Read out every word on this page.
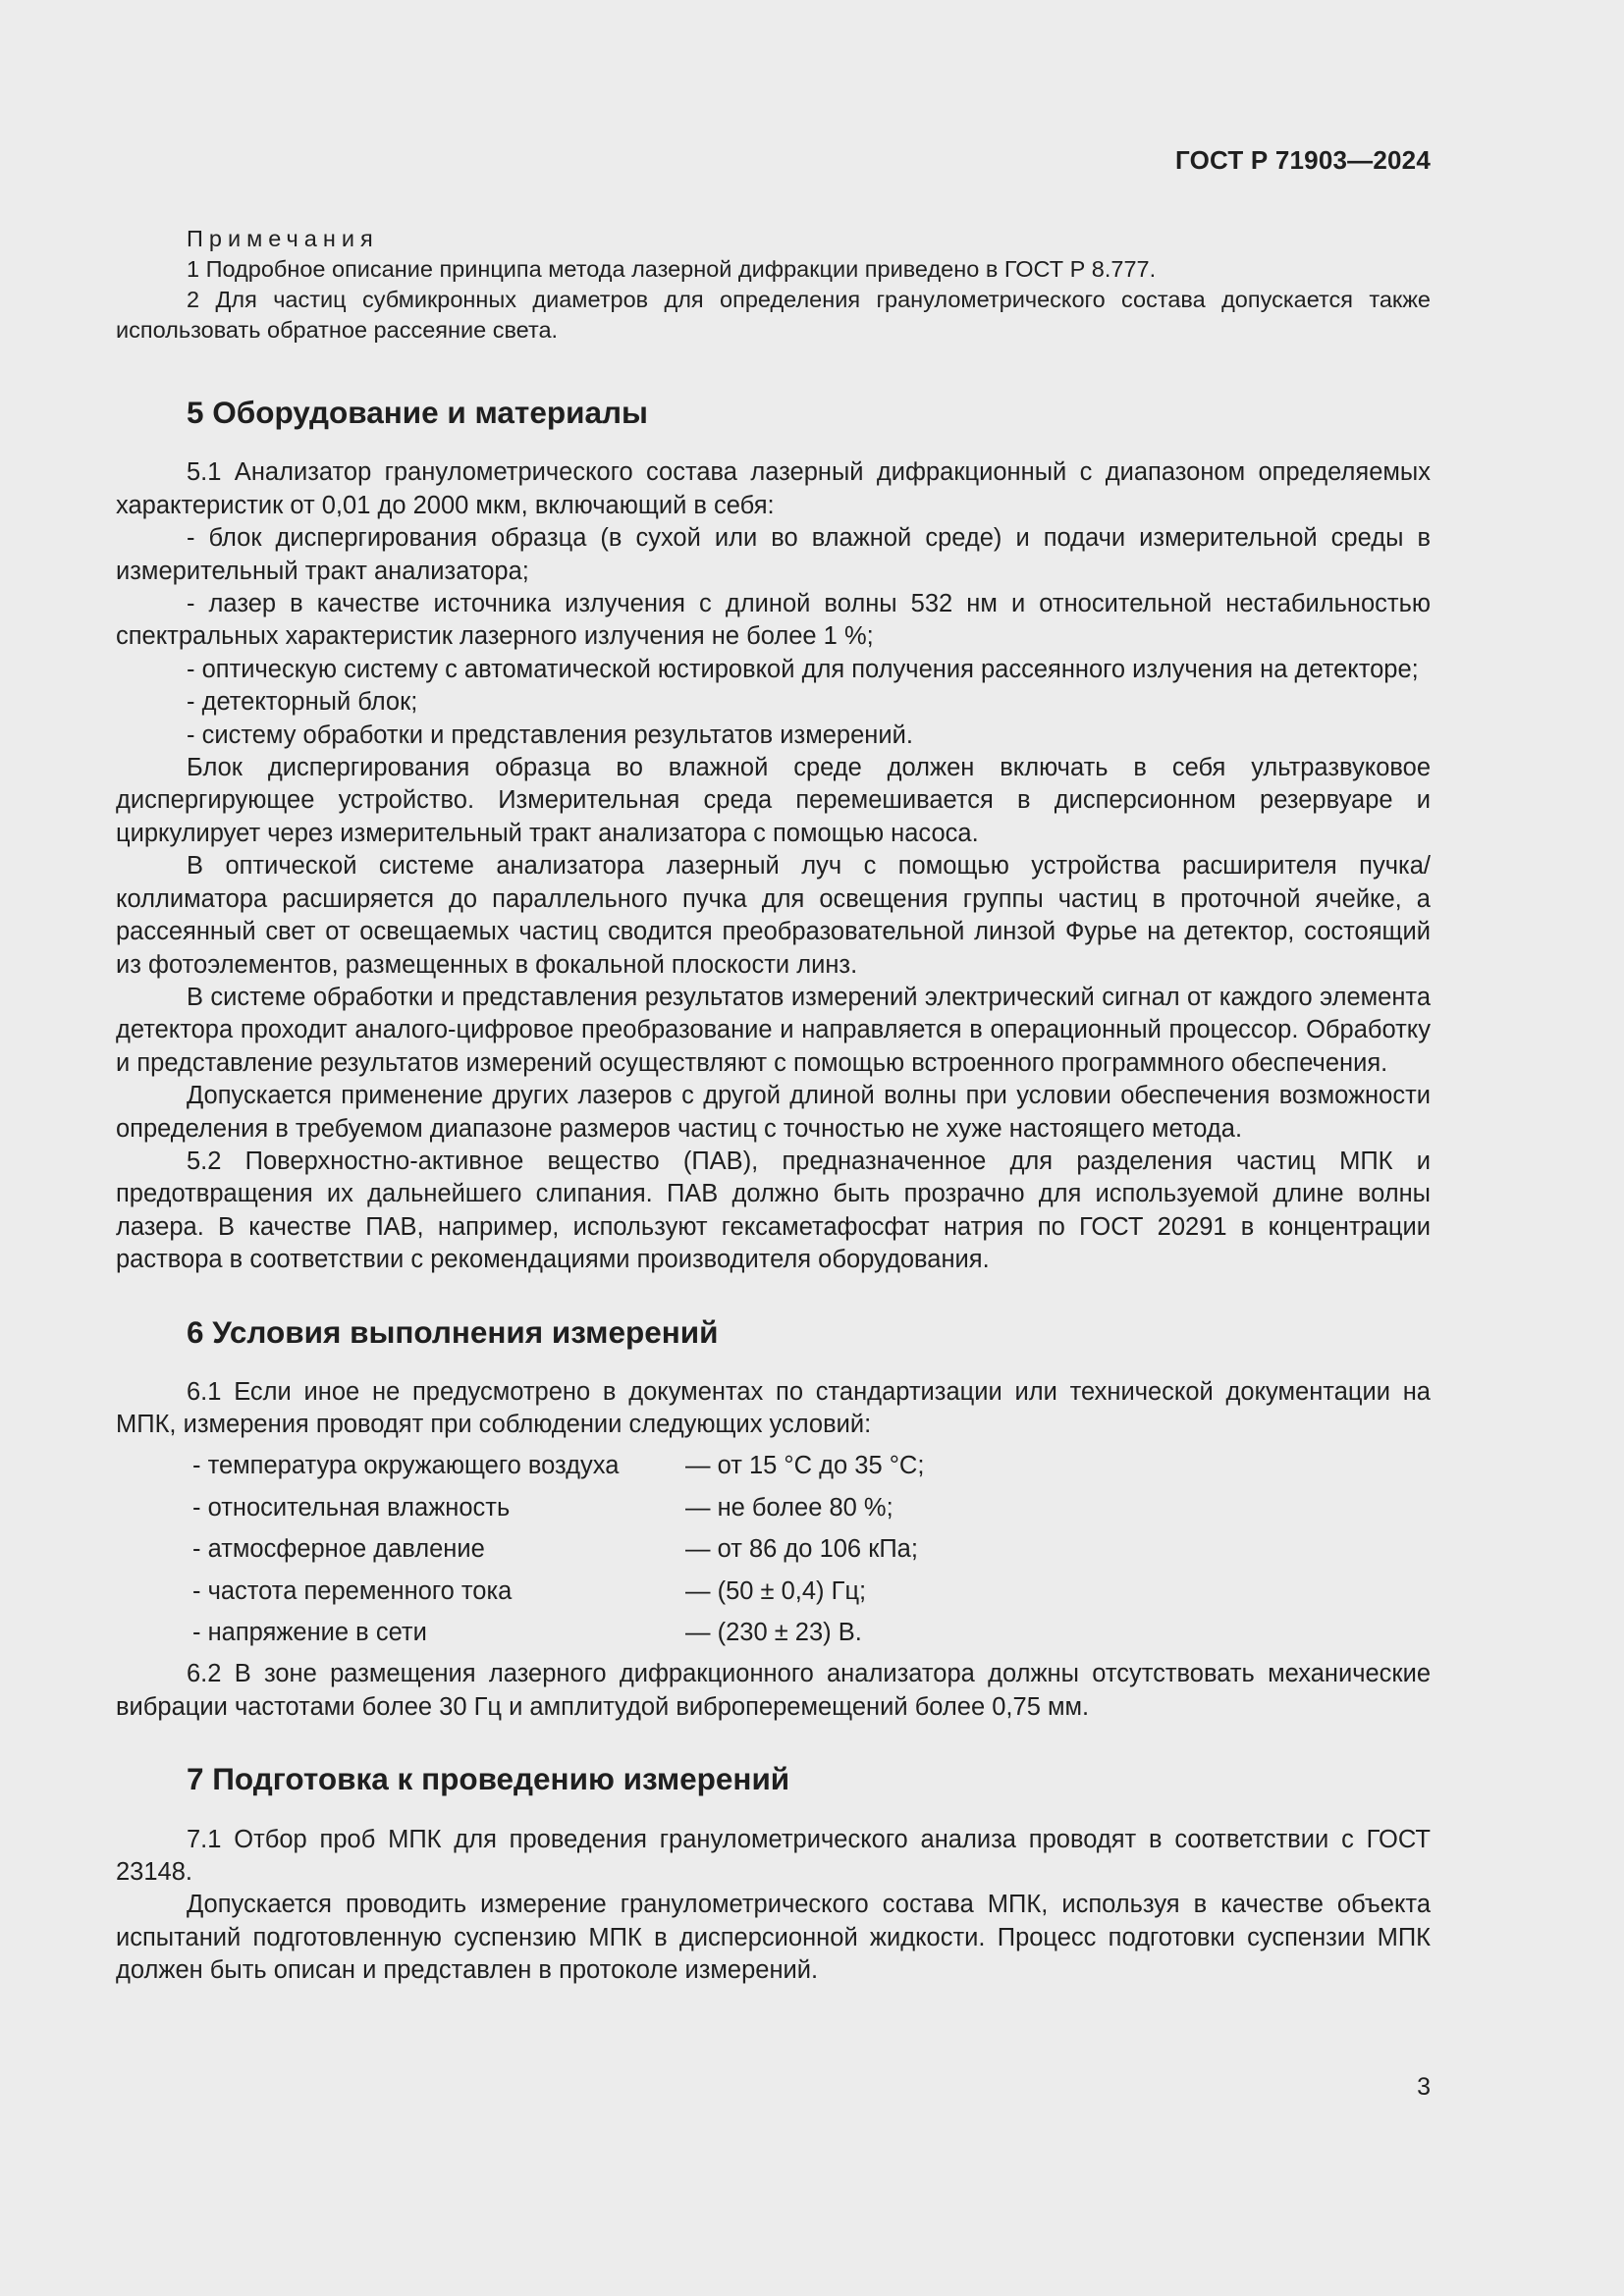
ГОСТ Р 71903—2024
Примечания

1 Подробное описание принципа метода лазерной дифракции приведено в ГОСТ Р 8.777.

2 Для частиц субмикронных диаметров для определения гранулометрического состава допускается также использовать обратное рассеяние света.

5 Оборудование и материалы

5.1 Анализатор гранулометрического состава лазерный дифракционный с диапазоном определяемых характеристик от 0,01 до 2000 мкм, включающий в себя:

- блок диспергирования образца (в сухой или во влажной среде) и подачи измерительной среды в измерительный тракт анализатора;

- лазер в качестве источника излучения с длиной волны 532 нм и относительной нестабильностью спектральных характеристик лазерного излучения не более 1 %;

- оптическую систему с автоматической юстировкой для получения рассеянного излучения на детекторе;

- детекторный блок;

- систему обработки и представления результатов измерений.

Блок диспергирования образца во влажной среде должен включать в себя ультразвуковое диспергирующее устройство. Измерительная среда перемешивается в дисперсионном резервуаре и циркулирует через измерительный тракт анализатора с помощью насоса.

В оптической системе анализатора лазерный луч с помощью устройства расширителя пучка/коллиматора расширяется до параллельного пучка для освещения группы частиц в проточной ячейке, а рассеянный свет от освещаемых частиц сводится преобразовательной линзой Фурье на детектор, состоящий из фотоэлементов, размещенных в фокальной плоскости линз.

В системе обработки и представления результатов измерений электрический сигнал от каждого элемента детектора проходит аналого-цифровое преобразование и направляется в операционный процессор. Обработку и представление результатов измерений осуществляют с помощью встроенного программного обеспечения.

Допускается применение других лазеров с другой длиной волны при условии обеспечения возможности определения в требуемом диапазоне размеров частиц с точностью не хуже настоящего метода.

5.2 Поверхностно-активное вещество (ПАВ), предназначенное для разделения частиц МПК и предотвращения их дальнейшего слипания. ПАВ должно быть прозрачно для используемой длине волны лазера. В качестве ПАВ, например, используют гексаметафосфат натрия по ГОСТ 20291 в концентрации раствора в соответствии с рекомендациями производителя оборудования.

6 Условия выполнения измерений

6.1 Если иное не предусмотрено в документах по стандартизации или технической документации на МПК, измерения проводят при соблюдении следующих условий:

- температура окружающего воздуха	— от 15 °С до 35 °С;
- относительная влажность	— не более 80 %;
- атмосферное давление	— от 86 до 106 кПа;
- частота переменного тока	— (50 ± 0,4) Гц;
- напряжение в сети	— (230 ± 23) В.

6.2 В зоне размещения лазерного дифракционного анализатора должны отсутствовать механические вибрации частотами более 30 Гц и амплитудой виброперемещений более 0,75 мм.

7 Подготовка к проведению измерений

7.1 Отбор проб МПК для проведения гранулометрического анализа проводят в соответствии с ГОСТ 23148.

Допускается проводить измерение гранулометрического состава МПК, используя в качестве объекта испытаний подготовленную суспензию МПК в дисперсионной жидкости. Процесс подготовки суспензии МПК должен быть описан и представлен в протоколе измерений.

3
